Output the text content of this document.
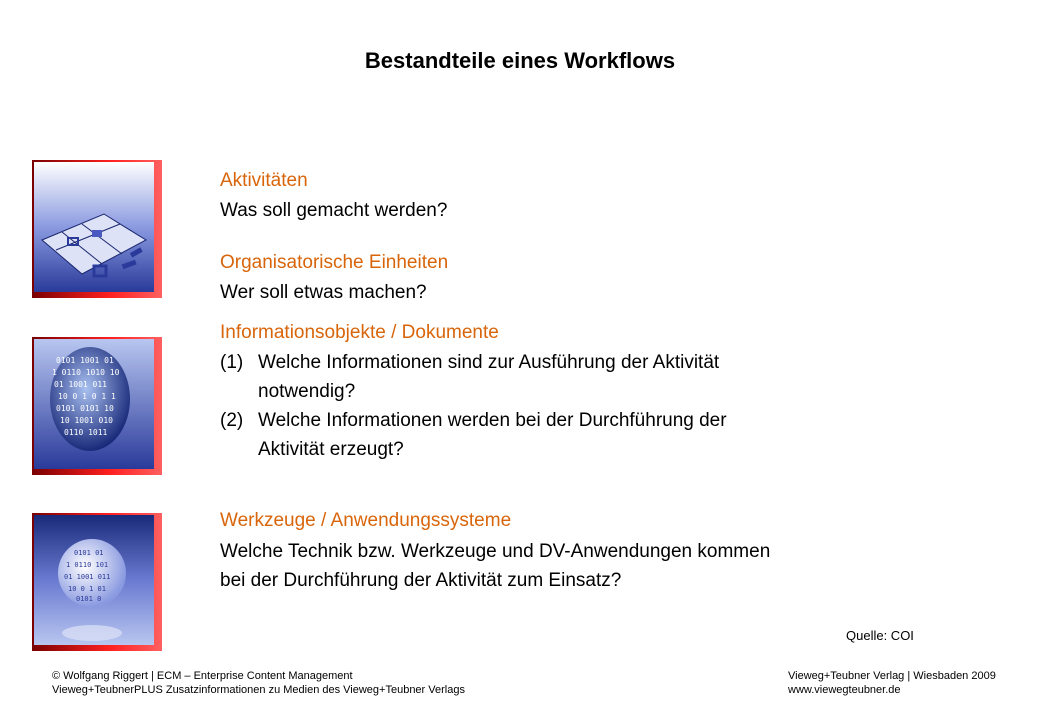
Bestandteile eines Workflows
0101 1001 01
1 0110 1010 10
01 1001 011
10 0 1 0 1 1
0101 0101 10
10 1001 010
0110 1011
0101 01
1 0110 101
01 1001 011
10 0 1 01
0101 0
Aktivitäten
Was soll gemacht werden?
Organisatorische Einheiten
Wer soll etwas machen?
Informationsobjekte / Dokumente
(1) Welche Informationen sind zur Ausführung der Aktivität
notwendig?
(2) Welche Informationen werden bei der Durchführung der
Aktivität erzeugt?
Werkzeuge / Anwendungssysteme
Welche Technik bzw. Werkzeuge und DV-Anwendungen kommen
bei der Durchführung der Aktivität zum Einsatz?
Quelle: COI
© Wolfgang Riggert | ECM – Enterprise Content Management
Vieweg+TeubnerPLUS Zusatzinformationen zu Medien des Vieweg+Teubner Verlags
Vieweg+Teubner Verlag | Wiesbaden 2009
www.viewegteubner.de
